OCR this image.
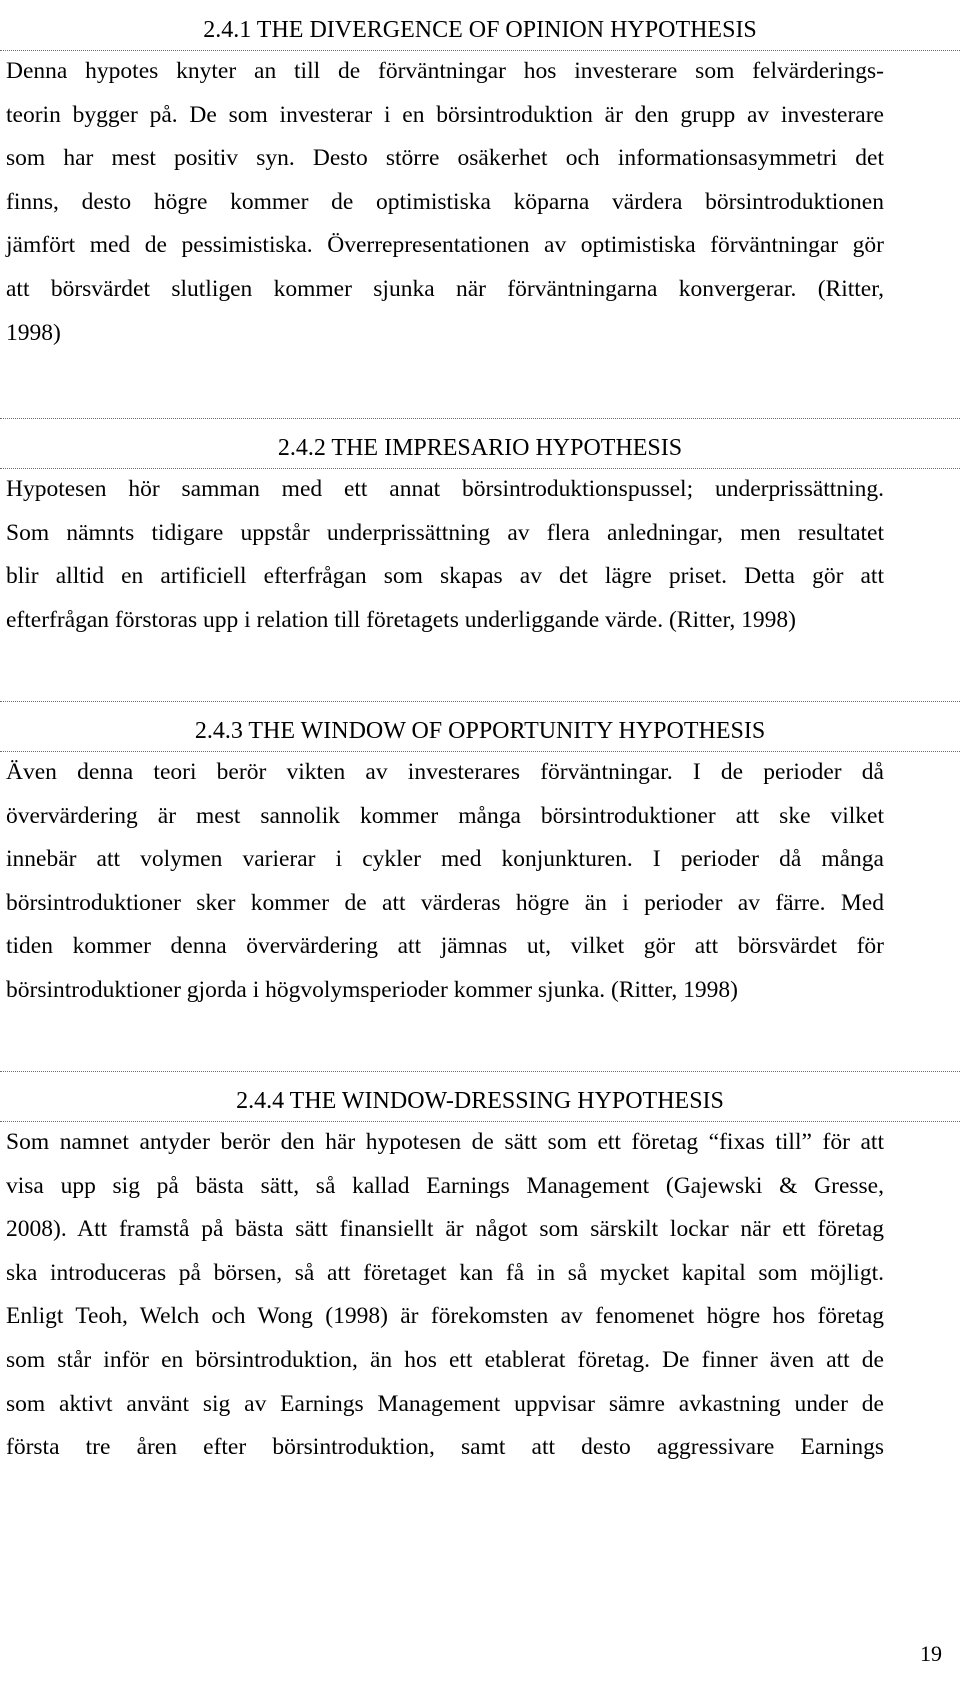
2.4.1 THE DIVERGENCE OF OPINION HYPOTHESIS
Denna hypotes knyter an till de förväntningar hos investerare som felvärderings-
teorin bygger på. De som investerar i en börsintroduktion är den grupp av investerare
som har mest positiv syn. Desto större osäkerhet och informationsasymmetri det
finns, desto högre kommer de optimistiska köparna värdera börsintroduktionen
jämfört med de pessimistiska. Överrepresentationen av optimistiska förväntningar gör
att börsvärdet slutligen kommer sjunka när förväntningarna konvergerar. (Ritter,
1998)
2.4.2 THE IMPRESARIO HYPOTHESIS
Hypotesen hör samman med ett annat börsintroduktionspussel; underprissättning.
Som nämnts tidigare uppstår underprissättning av flera anledningar, men resultatet
blir alltid en artificiell efterfrågan som skapas av det lägre priset. Detta gör att
efterfrågan förstoras upp i relation till företagets underliggande värde. (Ritter, 1998)
2.4.3 THE WINDOW OF OPPORTUNITY HYPOTHESIS
Även denna teori berör vikten av investerares förväntningar. I de perioder då
övervärdering är mest sannolik kommer många börsintroduktioner att ske vilket
innebär att volymen varierar i cykler med konjunkturen. I perioder då många
börsintroduktioner sker kommer de att värderas högre än i perioder av färre. Med
tiden kommer denna övervärdering att jämnas ut, vilket gör att börsvärdet för
börsintroduktioner gjorda i högvolymsperioder kommer sjunka. (Ritter, 1998)
2.4.4 THE WINDOW-DRESSING HYPOTHESIS
Som namnet antyder berör den här hypotesen de sätt som ett företag “fixas till” för att
visa upp sig på bästa sätt, så kallad Earnings Management (Gajewski & Gresse,
2008). Att framstå på bästa sätt finansiellt är något som särskilt lockar när ett företag
ska introduceras på börsen, så att företaget kan få in så mycket kapital som möjligt.
Enligt Teoh, Welch och Wong (1998) är förekomsten av fenomenet högre hos företag
som står inför en börsintroduktion, än hos ett etablerat företag. De finner även att de
som aktivt använt sig av Earnings Management uppvisar sämre avkastning under de
första tre åren efter börsintroduktion, samt att desto aggressivare Earnings
19
